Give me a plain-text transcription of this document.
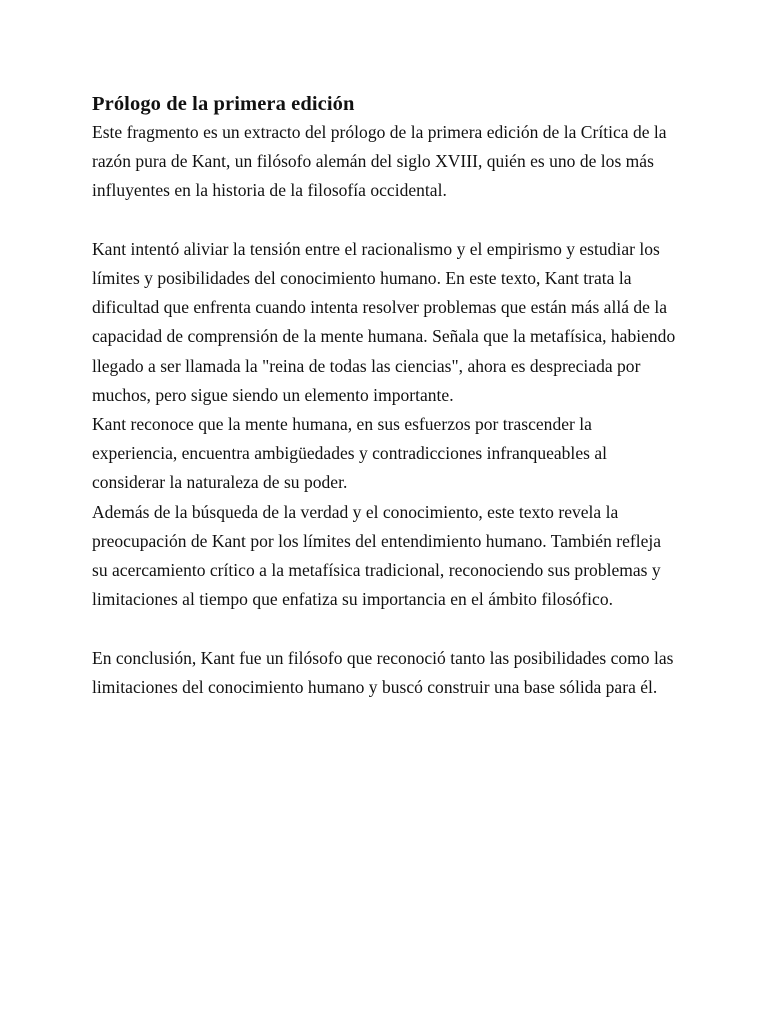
Prólogo de la primera edición

Este fragmento es un extracto del prólogo de la primera edición de la Crítica de la razón pura de Kant, un filósofo alemán del siglo XVIII, quién es uno de los más influyentes en la historia de la filosofía occidental.

Kant intentó aliviar la tensión entre el racionalismo y el empirismo y estudiar los límites y posibilidades del conocimiento humano. En este texto, Kant trata la dificultad que enfrenta cuando intenta resolver problemas que están más allá de la capacidad de comprensión de la mente humana. Señala que la metafísica, habiendo llegado a ser llamada la "reina de todas las ciencias", ahora es despreciada por muchos, pero sigue siendo un elemento importante.

Kant reconoce que la mente humana, en sus esfuerzos por trascender la experiencia, encuentra ambigüedades y contradicciones infranqueables al considerar la naturaleza de su poder.

Además de la búsqueda de la verdad y el conocimiento, este texto revela la preocupación de Kant por los límites del entendimiento humano. También refleja su acercamiento crítico a la metafísica tradicional, reconociendo sus problemas y limitaciones al tiempo que enfatiza su importancia en el ámbito filosófico.

En conclusión, Kant fue un filósofo que reconoció tanto las posibilidades como las limitaciones del conocimiento humano y buscó construir una base sólida para él.
